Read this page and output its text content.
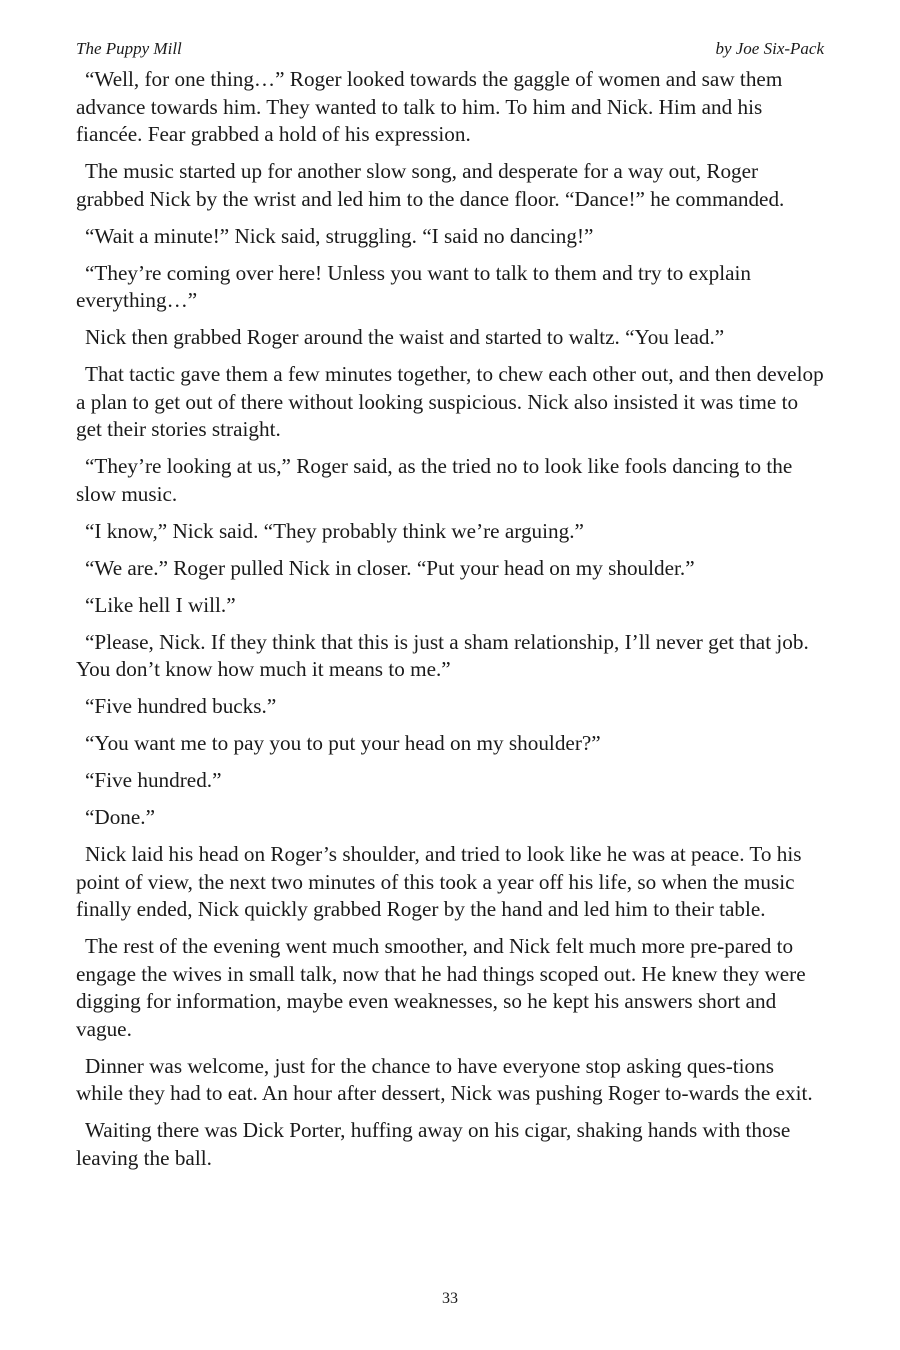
The Puppy Mill	by Joe Six-Pack

“Well, for one thing…” Roger looked towards the gaggle of women and saw them advance towards him. They wanted to talk to him. To him and Nick. Him and his fiancée. Fear grabbed a hold of his expression.

The music started up for another slow song, and desperate for a way out, Roger grabbed Nick by the wrist and led him to the dance floor. “Dance!” he commanded.

“Wait a minute!” Nick said, struggling. “I said no dancing!”

“They’re coming over here! Unless you want to talk to them and try to explain everything…”

Nick then grabbed Roger around the waist and started to waltz. “You lead.”

That tactic gave them a few minutes together, to chew each other out, and then develop a plan to get out of there without looking suspicious. Nick also insisted it was time to get their stories straight.

“They’re looking at us,” Roger said, as the tried no to look like fools dancing to the slow music.

“I know,” Nick said. “They probably think we’re arguing.”

“We are.” Roger pulled Nick in closer. “Put your head on my shoulder.”

“Like hell I will.”

“Please, Nick. If they think that this is just a sham relationship, I’ll never get that job. You don’t know how much it means to me.”

“Five hundred bucks.”

“You want me to pay you to put your head on my shoulder?”

“Five hundred.”

“Done.”

Nick laid his head on Roger’s shoulder, and tried to look like he was at peace. To his point of view, the next two minutes of this took a year off his life, so when the music finally ended, Nick quickly grabbed Roger by the hand and led him to their table.

The rest of the evening went much smoother, and Nick felt much more pre-pared to engage the wives in small talk, now that he had things scoped out. He knew they were digging for information, maybe even weaknesses, so he kept his answers short and vague.

Dinner was welcome, just for the chance to have everyone stop asking ques-tions while they had to eat. An hour after dessert, Nick was pushing Roger to-wards the exit.

Waiting there was Dick Porter, huffing away on his cigar, shaking hands with those leaving the ball.

33
